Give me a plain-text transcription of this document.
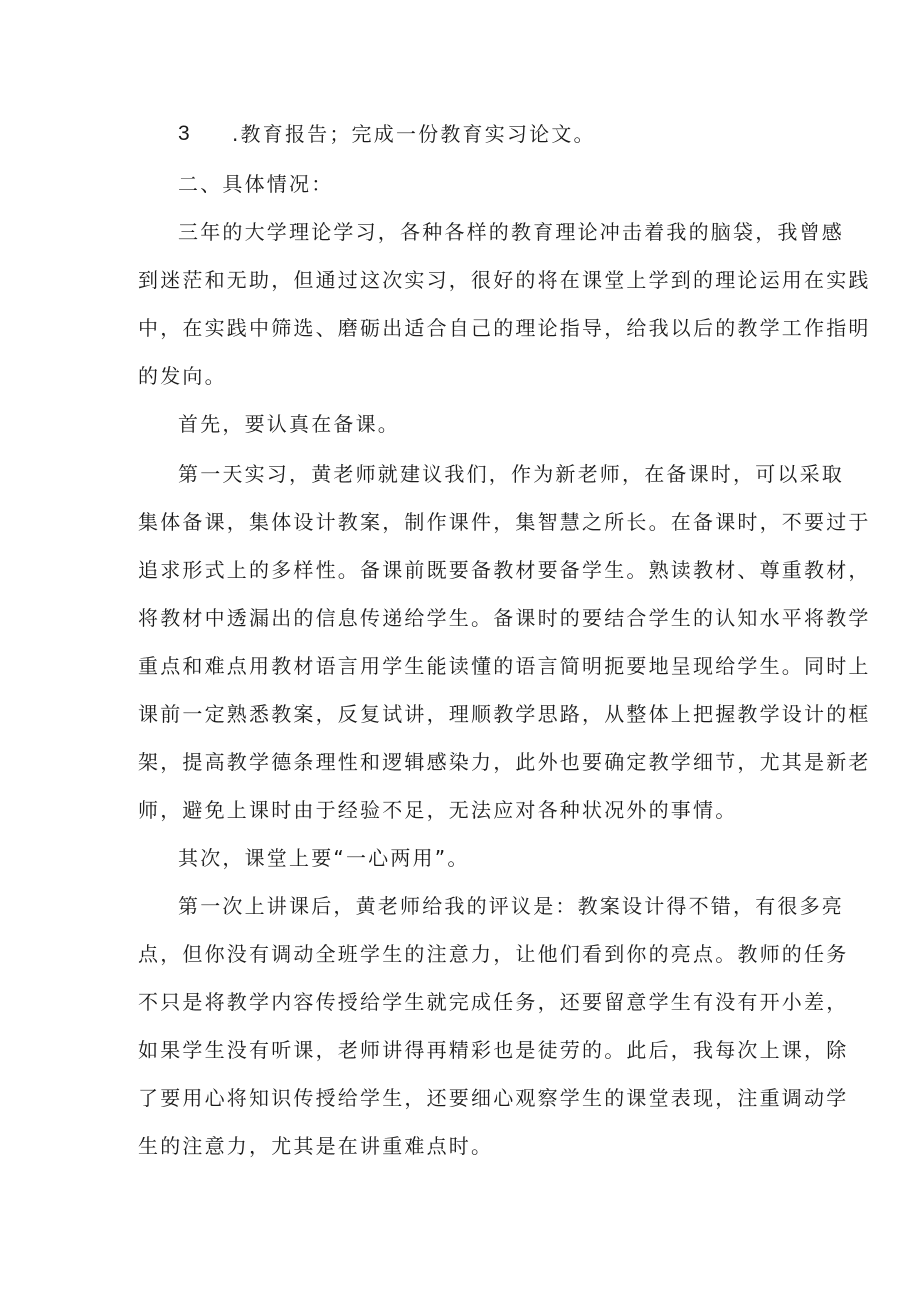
3 .教育报告；完成一份教育实习论文。
二、具体情况：
三年的大学理论学习，各种各样的教育理论冲击着我的脑袋，我曾感
到迷茫和无助，但通过这次实习，很好的将在课堂上学到的理论运用在实践
中，在实践中筛选、磨砺出适合自己的理论指导，给我以后的教学工作指明
的发向。
首先，要认真在备课。
第一天实习，黄老师就建议我们，作为新老师，在备课时，可以采取
集体备课，集体设计教案，制作课件，集智慧之所长。在备课时，不要过于
追求形式上的多样性。备课前既要备教材要备学生。熟读教材、尊重教材，
将教材中透漏出的信息传递给学生。备课时的要结合学生的认知水平将教学
重点和难点用教材语言用学生能读懂的语言简明扼要地呈现给学生。同时上
课前一定熟悉教案，反复试讲，理顺教学思路，从整体上把握教学设计的框
架，提高教学德条理性和逻辑感染力，此外也要确定教学细节，尤其是新老
师，避免上课时由于经验不足，无法应对各种状况外的事情。
其次，课堂上要“一心两用”。
第一次上讲课后，黄老师给我的评议是：教案设计得不错，有很多亮
点，但你没有调动全班学生的注意力，让他们看到你的亮点。教师的任务
不只是将教学内容传授给学生就完成任务，还要留意学生有没有开小差，
如果学生没有听课，老师讲得再精彩也是徒劳的。此后，我每次上课，除
了要用心将知识传授给学生，还要细心观察学生的课堂表现，注重调动学
生的注意力，尤其是在讲重难点时。
